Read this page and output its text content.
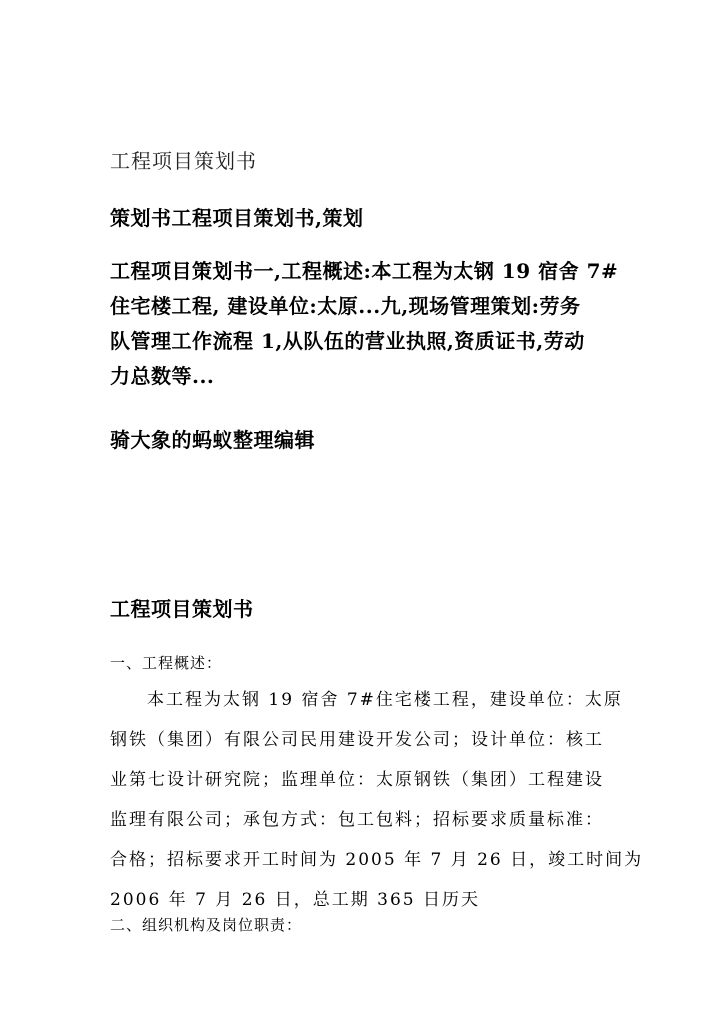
工程项目策划书
策划书工程项目策划书,策划
工程项目策划书一,工程概述:本工程为太钢 19 宿舍 7#
住宅楼工程, 建设单位:太原...九,现场管理策划:劳务
队管理工作流程 1,从队伍的营业执照,资质证书,劳动
力总数等...
骑大象的蚂蚁整理编辑
工程项目策划书
一、工程概述：
本工程为太钢 19 宿舍 7#住宅楼工程，建设单位：太原
钢铁（集团）有限公司民用建设开发公司；设计单位：核工
业第七设计研究院；监理单位：太原钢铁（集团）工程建设
监理有限公司；承包方式：包工包料；招标要求质量标准：
合格；招标要求开工时间为 2005 年 7 月 26 日，竣工时间为
2006 年 7 月 26 日，总工期 365 日历天
二、组织机构及岗位职责：
